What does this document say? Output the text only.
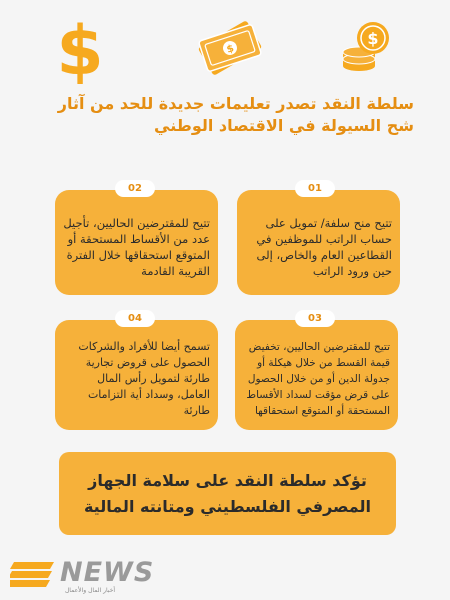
$	$
$
سلطة النقد تصدر تعليمات جديدة للحد من آثار شح السيولة في الاقتصاد الوطني
تتيح منح سلفة/ تمويل على حساب الراتب للموظفين في القطاعين العام والخاص، إلى حين ورود الراتب
01
تتيح للمقترضين الحاليين، تأجيل عدد من الأقساط المستحقة أو المتوقع استحقاقها خلال الفترة القريبة القادمة
02
تتيح للمقترضين الحاليين، تخفيض قيمة القسط من خلال هيكلة أو جدولة الدين أو من خلال الحصول على قرض مؤقت لسداد الأقساط المستحقة أو المتوقع استحقاقها
03
تسمح أيضا للأفراد والشركات الحصول على قروض تجارية طارئة لتمويل رأس المال العامل، وسداد أية التزامات طارئة
04
تؤكد سلطة النقد على سلامة الجهاز المصرفي الفلسطيني ومتانته المالية
NEWS
أخبار المال والأعمال
